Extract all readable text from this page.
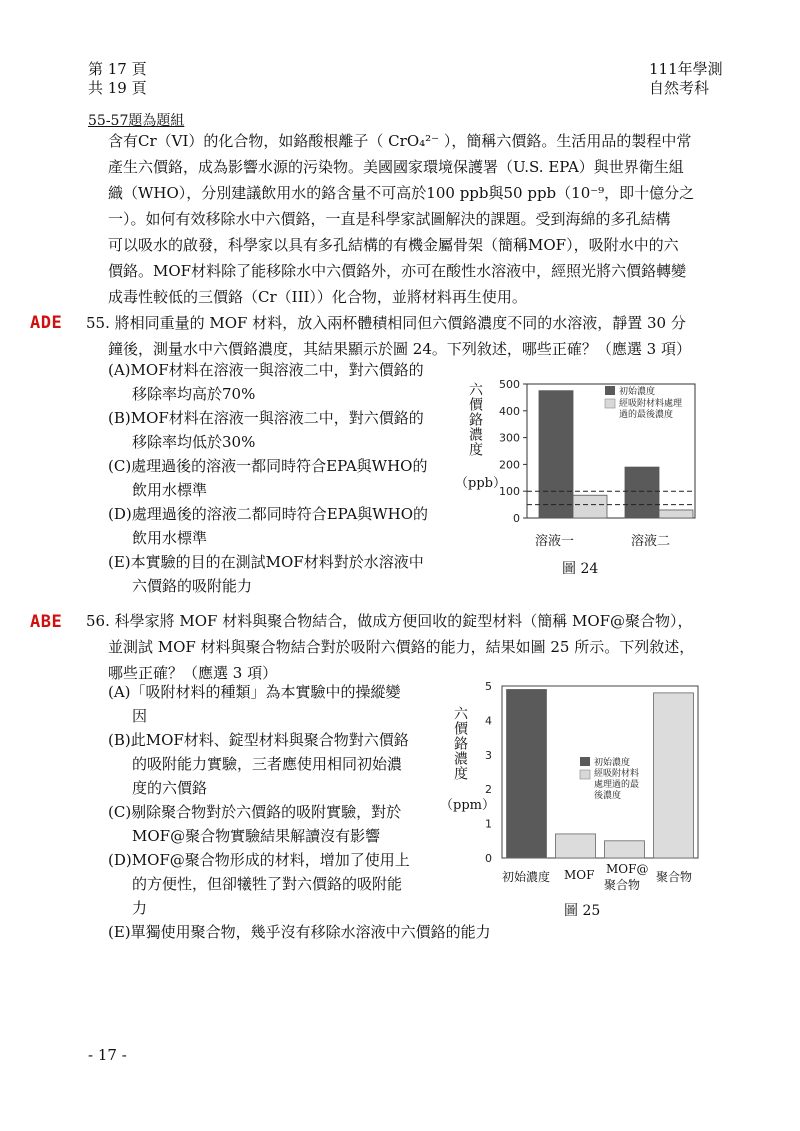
第 17 頁
共 19 頁
111年學測
自然考科
55-57題為題組
含有Cr（VI）的化合物，如鉻酸根離子（ CrO₄²⁻ ），簡稱六價鉻。生活用品的製程中常
產生六價鉻，成為影響水源的污染物。美國國家環境保護署（U.S. EPA）與世界衛生組
織（WHO），分別建議飲用水的鉻含量不可高於100 ppb與50 ppb（10⁻⁹，即十億分之
一）。如何有效移除水中六價鉻，一直是科學家試圖解決的課題。受到海綿的多孔結構
可以吸水的啟發，科學家以具有多孔結構的有機金屬骨架（簡稱MOF），吸附水中的六
價鉻。MOF材料除了能移除水中六價鉻外，亦可在酸性水溶液中，經照光將六價鉻轉變
成毒性較低的三價鉻（Cr（III））化合物，並將材料再生使用。
ADE 55. 將相同重量的 MOF 材料，放入兩杯體積相同但六價鉻濃度不同的水溶液，靜置 30 分
鐘後，測量水中六價鉻濃度，其結果顯示於圖 24。下列敘述，哪些正確？（應選 3 項）
(A)MOF材料在溶液一與溶液二中，對六價鉻的
移除率均高於70%
(B)MOF材料在溶液一與溶液二中，對六價鉻的
移除率均低於30%
(C)處理過後的溶液一都同時符合EPA與WHO的
飲用水標準
(D)處理過後的溶液二都同時符合EPA與WHO的
飲用水標準
(E)本實驗的目的在測試MOF材料對於水溶液中
六價鉻的吸附能力
六價鉻濃度
（ppb）
0
100
200
300
400
500
初始濃度
經吸附材料處理
過的最後濃度
溶液一	溶液二
圖 24
ABE 56. 科學家將 MOF 材料與聚合物結合，做成方便回收的錠型材料（簡稱 MOF@聚合物），
並測試 MOF 材料與聚合物結合對於吸附六價鉻的能力，結果如圖 25 所示。下列敘述，
哪些正確？（應選 3 項）
(A)「吸附材料的種類」為本實驗中的操縱變
因
(B)此MOF材料、錠型材料與聚合物對六價鉻
的吸附能力實驗，三者應使用相同初始濃
度的六價鉻
(C)剔除聚合物對於六價鉻的吸附實驗，對於
MOF@聚合物實驗結果解讀沒有影響
(D)MOF@聚合物形成的材料，增加了使用上
的方便性，但卻犧牲了對六價鉻的吸附能
力
(E)單獨使用聚合物，幾乎沒有移除水溶液中六價鉻的能力
六價鉻濃度
（ppm）
0
1
2
3
4
5
初始濃度
經吸附材料
處理過的最
後濃度
初始濃度 MOF MOF@
聚合物
聚合物
圖 25
- 17 -
